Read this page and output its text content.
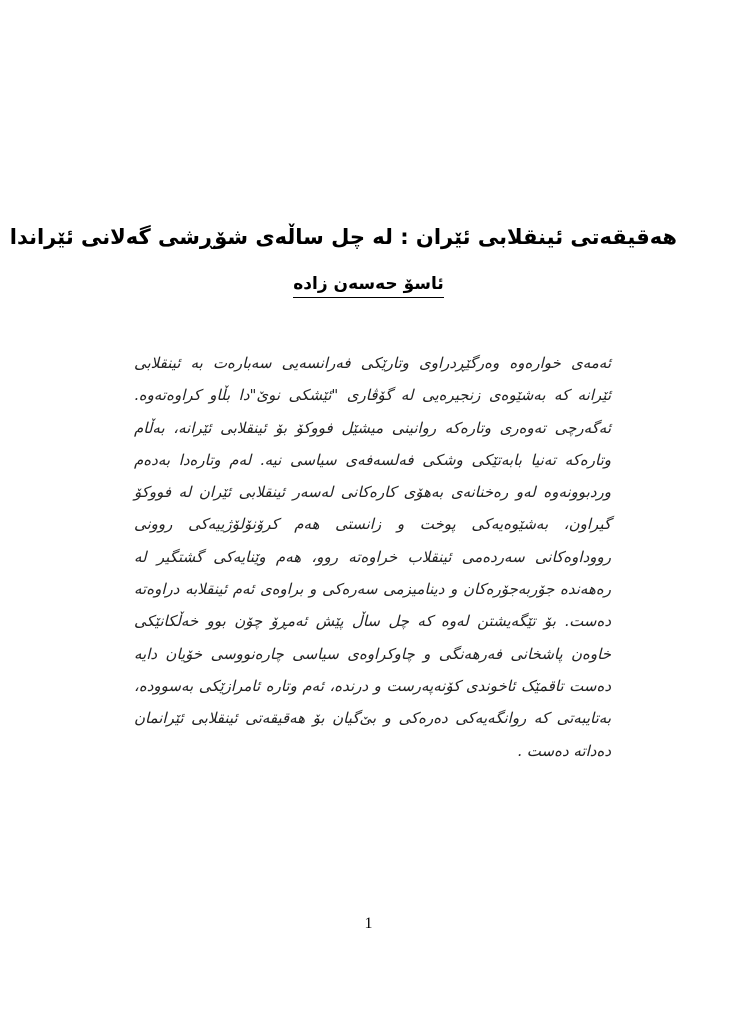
هەقیقەتی ئینقلابی ئێران : لە چل ساڵەی شۆڕشی گەلانی ئێراندا
ئاسۆ حەسەن زادە
ئەمەی خوارەوە وەرگێڕدراوی وتارێکی فەرانسەیی سەبارەت بە ئینقلابی ئێرانە کە بەشێوەی زنجیرەیی لە گۆڤاری "ئێشکی نوێ"دا بڵاو کراوەتەوە. ئەگەرچی تەوەری وتارەکە روانینی میشێل فووکۆ بۆ ئینقلابی ئێرانە، بەڵام وتارەکە تەنیا بابەتێکی وشکی فەلسەفەی سیاسی نیە. لەم وتارەدا بەدەم وردبوونەوە لەو رەخنانەی بەهۆی کارەکانی لەسەر ئینقلابی ئێران لە فووکۆ گیراون، بەشێوەیەکی پوخت و زانستی هەم کرۆنۆلۆژییەکی روونی رووداوەکانی سەردەمی ئینقلاب خراوەتە روو، هەم وێنایەکی گشتگیر لە رەهەندە جۆربەجۆرەکان و دینامیزمی سەرەکی و براوەی ئەم ئینقلابە دراوەتە دەست. بۆ تێگەیشتن لەوە کە چل ساڵ پێش ئەمڕۆ چۆن بوو خەڵکانێکی خاوەن پاشخانی فەرهەنگی و چاوکراوەی سیاسی چارەنووسی خۆیان دایە دەست تاقمێک ئاخوندی کۆنەپەرست و درندە، ئەم وتارە ئامرازێکی بەسوودە، بەتایبەتی کە روانگەیەکی دەرەکی و بێ‌گیان بۆ هەقیقەتی ئینقلابی ئێرانمان دەداتە دەست .
1
